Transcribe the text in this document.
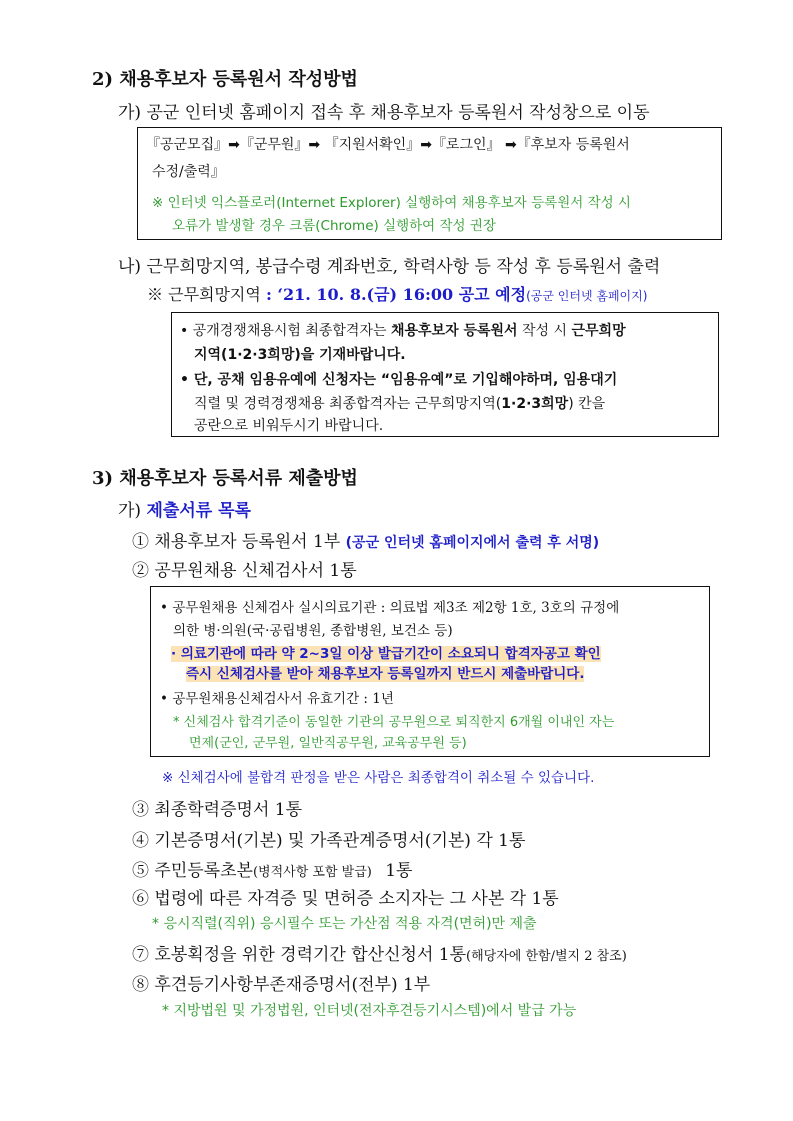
2) 채용후보자 등록원서 작성방법
가) 공군 인터넷 홈페이지 접속 후 채용후보자 등록원서 작성창으로 이동
『공군모집』➡『군무원』➡ 『지원서확인』➡『로그인』 ➡『후보자 등록원서
수정/출력』
※ 인터넷 익스플로러(Internet Explorer) 실행하여 채용후보자 등록원서 작성 시
오류가 발생할 경우 크롬(Chrome) 실행하여 작성 권장
나) 근무희망지역, 봉급수령 계좌번호, 학력사항 등 작성 후 등록원서 출력
※ 근무희망지역 : ‘21. 10. 8.(금) 16:00 공고 예정(공군 인터넷 홈페이지)
• 공개경쟁채용시험 최종합격자는 채용후보자 등록원서 작성 시 근무희망
지역(1·2·3희망)을 기재바랍니다.
• 단, 공채 임용유예에 신청자는 “임용유예”로 기입해야하며, 임용대기
직렬 및 경력경쟁채용 최종합격자는 근무희망지역(1·2·3희망) 칸을
공란으로 비워두시기 바랍니다.
3) 채용후보자 등록서류 제출방법
가) 제출서류 목록
① 채용후보자 등록원서 1부 (공군 인터넷 홈페이지에서 출력 후 서명)
② 공무원채용 신체검사서 1통
• 공무원채용 신체검사 실시의료기관 : 의료법 제3조 제2항 1호, 3호의 규정에
의한 병·의원(국·공립병원, 종합병원, 보건소 등)
· 의료기관에 따라 약 2~3일 이상 발급기간이 소요되니 합격자공고 확인
즉시 신체검사를 받아 채용후보자 등록일까지 반드시 제출바랍니다.
• 공무원채용신체검사서 유효기간 : 1년
* 신체검사 합격기준이 동일한 기관의 공무원으로 퇴직한지 6개월 이내인 자는
면제(군인, 군무원, 일반직공무원, 교육공무원 등)
※ 신체검사에 불합격 판정을 받은 사람은 최종합격이 취소될 수 있습니다.
③ 최종학력증명서 1통
④ 기본증명서(기본) 및 가족관계증명서(기본) 각 1통
⑤ 주민등록초본(병적사항 포함 발급) 1통
⑥ 법령에 따른 자격증 및 면허증 소지자는 그 사본 각 1통
* 응시직렬(직위) 응시필수 또는 가산점 적용 자격(면허)만 제출
⑦ 호봉획정을 위한 경력기간 합산신청서 1통(해당자에 한함/별지 2 참조)
⑧ 후견등기사항부존재증명서(전부) 1부
* 지방법원 및 가정법원, 인터넷(전자후견등기시스템)에서 발급 가능
